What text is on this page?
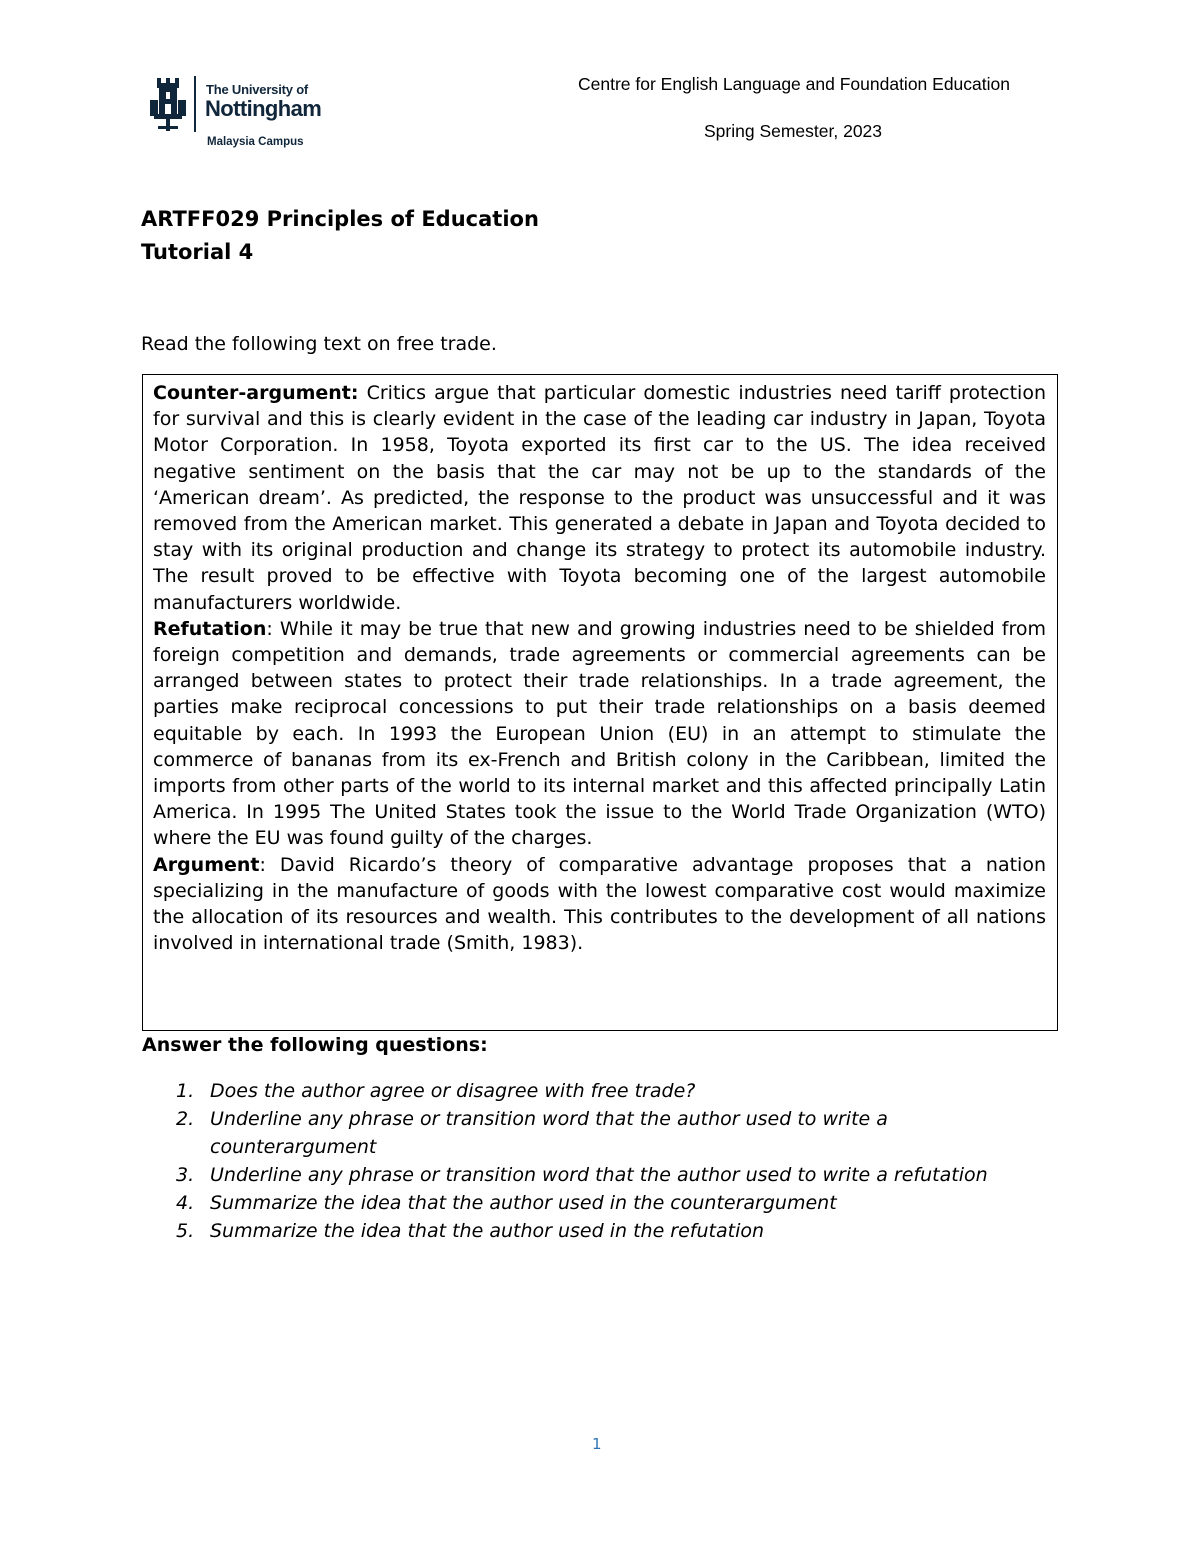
The University of
Nottingham
Malaysia Campus
Centre for English Language and Foundation Education
Spring Semester, 2023
ARTFF029 Principles of Education
Tutorial 4
Read the following text on free trade.

Counter-argument: Critics argue that particular domestic industries need tariff protection for survival and this is clearly evident in the case of the leading car industry in Japan, Toyota Motor Corporation. In 1958, Toyota exported its first car to the US. The idea received negative sentiment on the basis that the car may not be up to the standards of the ‘American dream’. As predicted, the response to the product was unsuccessful and it was removed from the American market. This generated a debate in Japan and Toyota decided to stay with its original production and change its strategy to protect its automobile industry. The result proved to be effective with Toyota becoming one of the largest automobile manufacturers worldwide.

Refutation: While it may be true that new and growing industries need to be shielded from foreign competition and demands, trade agreements or commercial agreements can be arranged between states to protect their trade relationships. In a trade agreement, the parties make reciprocal concessions to put their trade relationships on a basis deemed equitable by each. In 1993 the European Union (EU) in an attempt to stimulate the commerce of bananas from its ex-French and British colony in the Caribbean, limited the imports from other parts of the world to its internal market and this affected principally Latin America. In 1995 The United States took the issue to the World Trade Organization (WTO) where the EU was found guilty of the charges.

Argument: David Ricardo’s theory of comparative advantage proposes that a nation specializing in the manufacture of goods with the lowest comparative cost would maximize the allocation of its resources and wealth. This contributes to the development of all nations involved in international trade (Smith, 1983).

Answer the following questions:
1. Does the author agree or disagree with free trade?
2. Underline any phrase or transition word that the author used to write a counterargument
3. Underline any phrase or transition word that the author used to write a refutation
4. Summarize the idea that the author used in the counterargument
5. Summarize the idea that the author used in the refutation
1
